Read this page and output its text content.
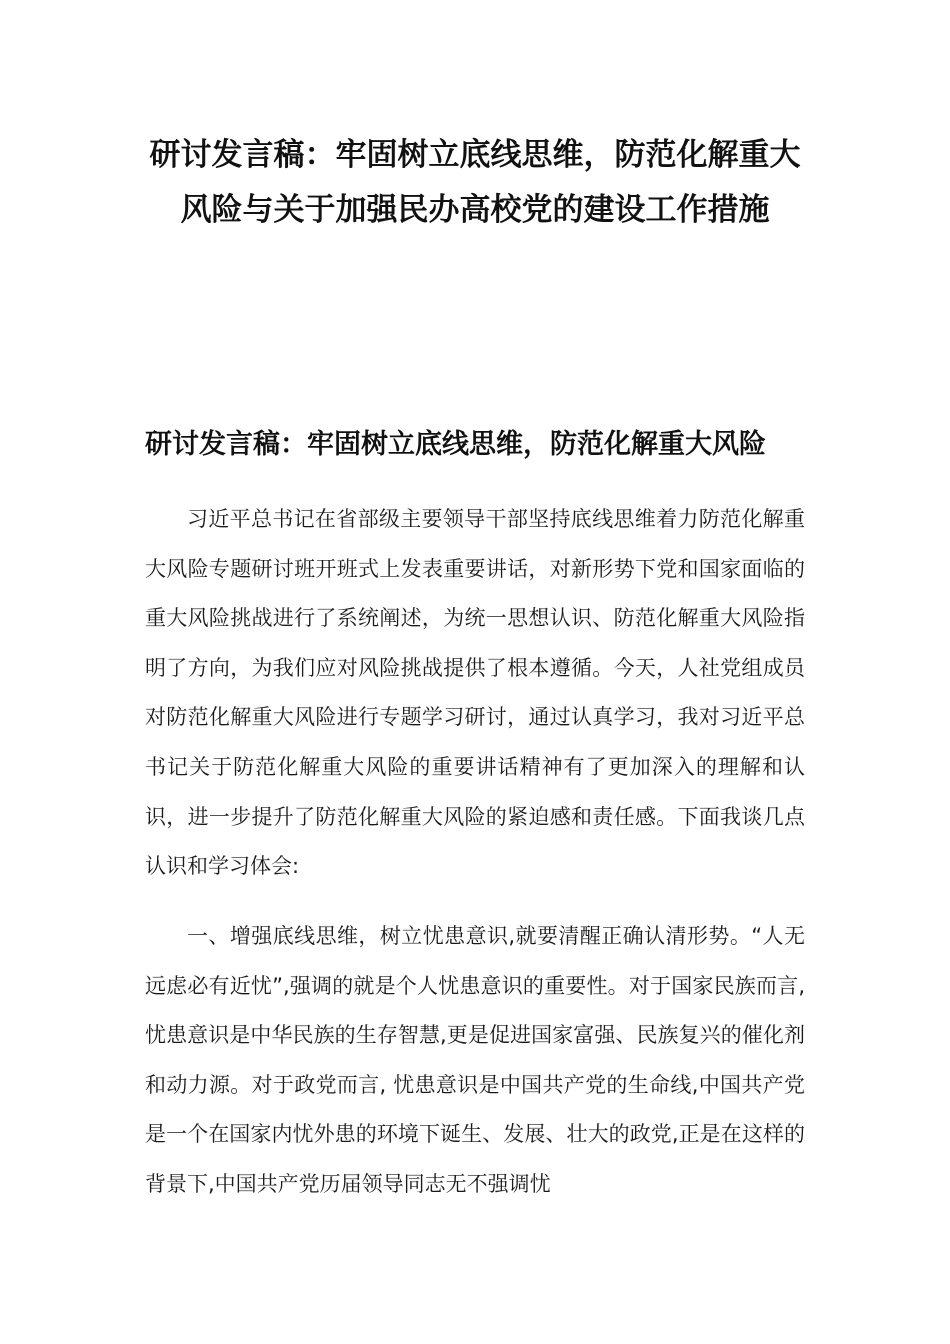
研讨发言稿：牢固树立底线思维，防范化解重大风险与关于加强民办高校党的建设工作措施
研讨发言稿：牢固树立底线思维，防范化解重大风险

习近平总书记在省部级主要领导干部坚持底线思维着力防范化解重大风险专题研讨班开班式上发表重要讲话，对新形势下党和国家面临的重大风险挑战进行了系统阐述，为统一思想认识、防范化解重大风险指明了方向，为我们应对风险挑战提供了根本遵循。今天，人社党组成员对防范化解重大风险进行专题学习研讨，通过认真学习，我对习近平总书记关于防范化解重大风险的重要讲话精神有了更加深入的理解和认识，进一步提升了防范化解重大风险的紧迫感和责任感。下面我谈几点认识和学习体会:

一、增强底线思维，树立忧患意识,就要清醒正确认清形势。“人无远虑必有近忧”,强调的就是个人忧患意识的重要性。对于国家民族而言,忧患意识是中华民族的生存智慧,更是促进国家富强、民族复兴的催化剂和动力源。对于政党而言, 忧患意识是中国共产党的生命线,中国共产党是一个在国家内忧外患的环境下诞生、发展、壮大的政党,正是在这样的背景下,中国共产党历届领导同志无不强调忧
